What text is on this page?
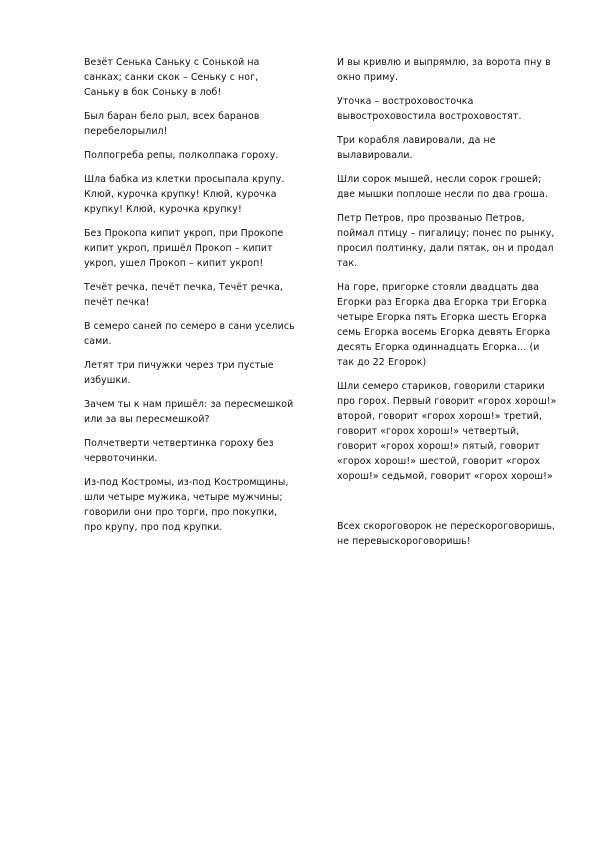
Везёт Сенька Саньку с Сонькой на санках; санки скок – Сеньку с ног, Саньку в бок Соньку в лоб!

Был баран бело рыл, всех баранов перебелорылил!

Полпогреба репы, полколпака гороху.

Шла бабка из клетки просыпала крупу. Клюй, курочка крупку! Клюй, курочка крупку! Клюй, курочка крупку!

Без Прокопа кипит укроп, при Прокопе кипит укроп, пришёл Прокоп – кипит укроп, ушел Прокоп – кипит укроп!

Течёт речка, печёт печка, Течёт речка, печёт печка!

В семеро саней по семеро в сани уселись сами.

Летят три пичужки через три пустые избушки.

Зачем ты к нам пришёл: за пересмешкой или за вы пересмешкой?

Полчетверти четвертинка гороху без червоточинки.

Из-под Костромы, из-под Костромщины, шли четыре мужика, четыре мужчины; говорили они про торги, про покупки, про крупу, про под крупки.

И вы кривлю и выпрямлю, за ворота пну в окно приму.

Уточка – востроховосточка вывостроховостила востроховостят.

Три корабля лавировали, да не вылавировали.

Шли сорок мышей, несли сорок грошей; две мышки поплоше несли по два гроша.

Петр Петров, про прозваныо Петров, поймал птицу – пигалицу; понес по рынку, просил полтинку, дали пятак, он и продал так.

На горе, пригорке стояли двадцать два Егорки раз Егорка два Егорка три Егорка четыре Егорка пять Егорка шесть Егорка семь Егорка восемь Егорка девять Егорка десять Егорка одиннадцать Егорка… (и так до 22 Егорок)

Шли семеро стариков, говорили старики про горох. Первый говорит «горох хорош!» второй, говорит «горох хорош!» третий, говорит «горох хорош!» четвертый, говорит «горох хорош!» пятый, говорит «горох хорош!» шестой, говорит «горох хорош!» седьмой, говорит «горох хорош!»

Всех скороговорок не перескороговоришь, не перевыскороговоришь!
